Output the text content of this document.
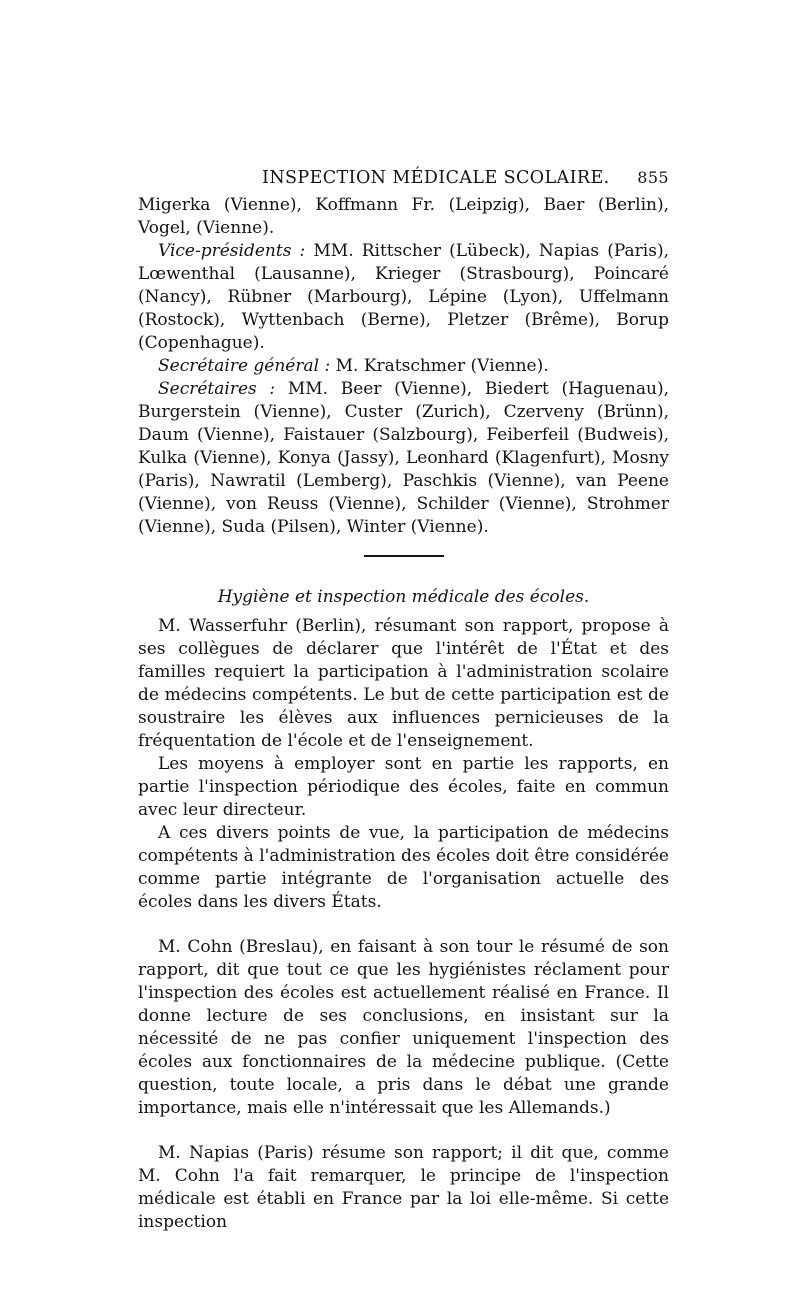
INSPECTION MÉDICALE SCOLAIRE. 855

Migerka (Vienne), Koffmann Fr. (Leipzig), Baer (Berlin), Vogel, (Vienne).

Vice-présidents : MM. Rittscher (Lübeck), Napias (Paris), Lœwenthal (Lausanne), Krieger (Strasbourg), Poincaré (Nancy), Rübner (Marbourg), Lépine (Lyon), Uffelmann (Rostock), Wyttenbach (Berne), Pletzer (Brême), Borup (Copenhague).

Secrétaire général : M. Kratschmer (Vienne).

Secrétaires : MM. Beer (Vienne), Biedert (Haguenau), Burgerstein (Vienne), Custer (Zurich), Czerveny (Brünn), Daum (Vienne), Faistauer (Salzbourg), Feiberfeil (Budweis), Kulka (Vienne), Konya (Jassy), Leonhard (Klagenfurt), Mosny (Paris), Nawratil (Lemberg), Paschkis (Vienne), van Peene (Vienne), von Reuss (Vienne), Schilder (Vienne), Strohmer (Vienne), Suda (Pilsen), Winter (Vienne).

Hygiène et inspection médicale des écoles.

M. Wasserfuhr (Berlin), résumant son rapport, propose à ses collègues de déclarer que l'intérêt de l'État et des familles requiert la participation à l'administration scolaire de médecins compétents. Le but de cette participation est de soustraire les élèves aux influences pernicieuses de la fréquentation de l'école et de l'enseignement.

Les moyens à employer sont en partie les rapports, en partie l'inspection périodique des écoles, faite en commun avec leur directeur.

A ces divers points de vue, la participation de médecins compétents à l'administration des écoles doit être considérée comme partie intégrante de l'organisation actuelle des écoles dans les divers États.

M. Cohn (Breslau), en faisant à son tour le résumé de son rapport, dit que tout ce que les hygiénistes réclament pour l'inspection des écoles est actuellement réalisé en France. Il donne lecture de ses conclusions, en insistant sur la nécessité de ne pas confier uniquement l'inspection des écoles aux fonctionnaires de la médecine publique. (Cette question, toute locale, a pris dans le débat une grande importance, mais elle n'intéressait que les Allemands.)

M. Napias (Paris) résume son rapport; il dit que, comme M. Cohn l'a fait remarquer, le principe de l'inspection médicale est établi en France par la loi elle-même. Si cette inspection
